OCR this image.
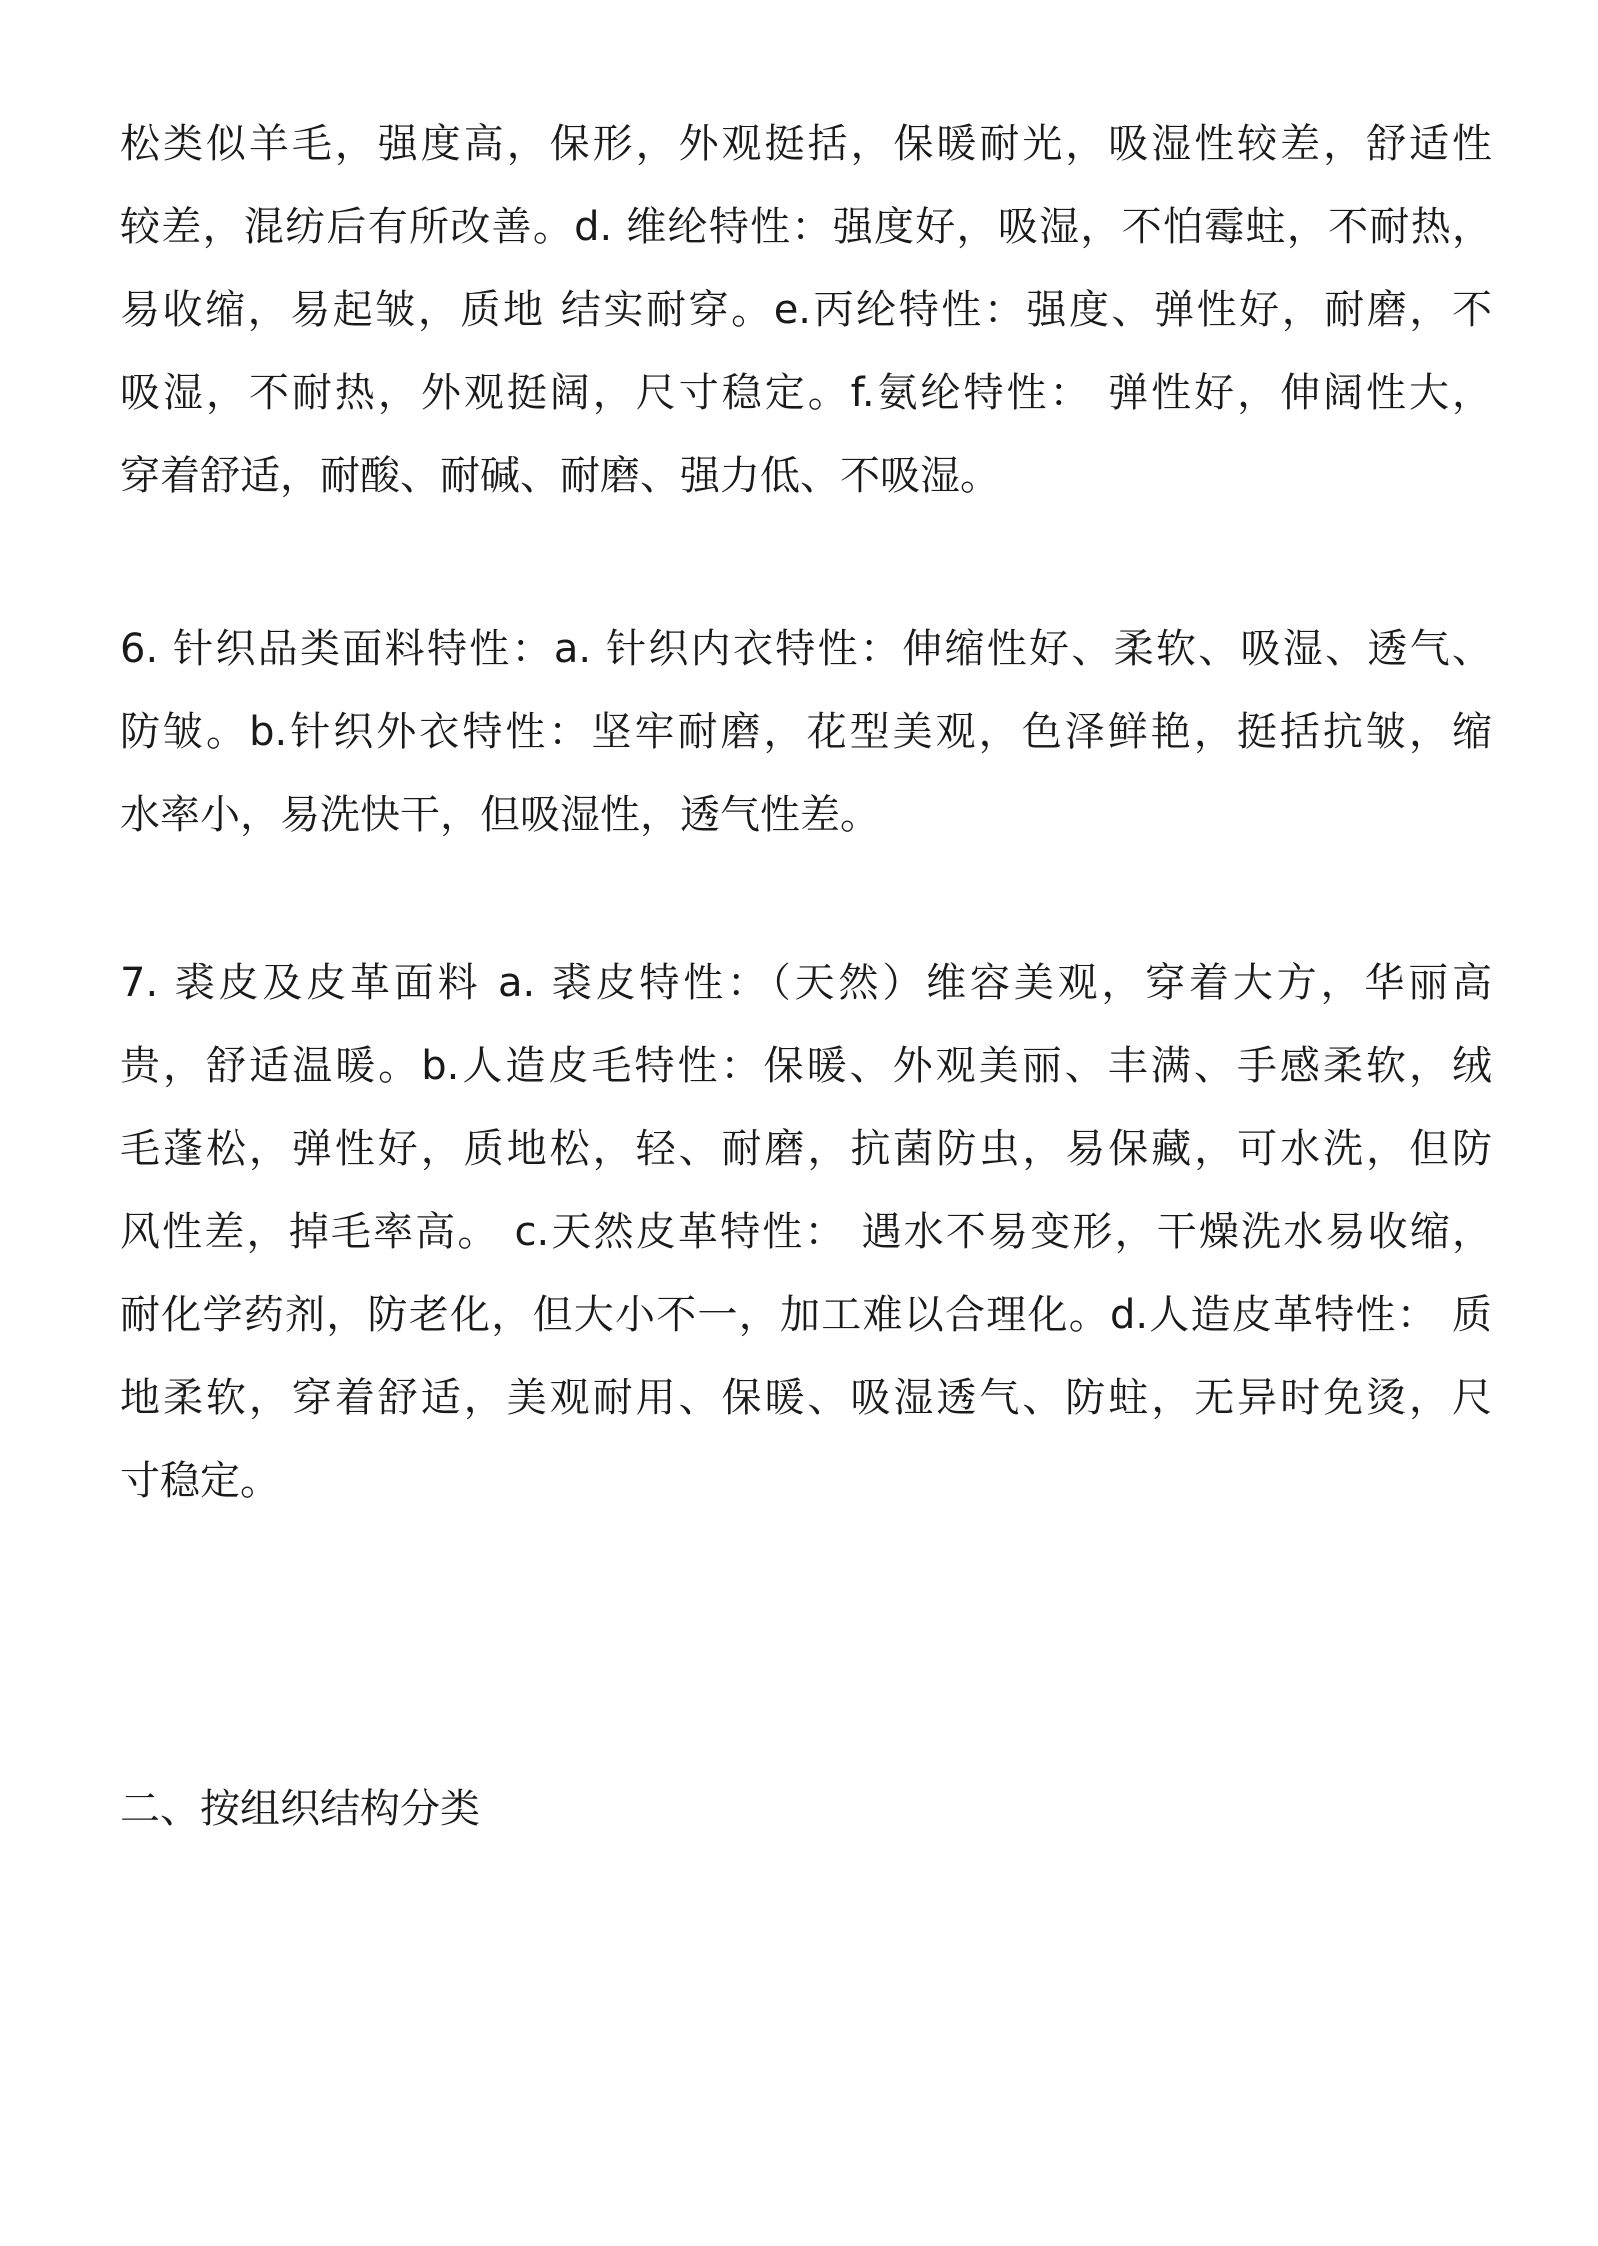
松类似羊毛，强度高，保形，外观挺括，保暖耐光，吸湿性较差，舒适性
较差，混纺后有所改善。d. 维纶特性：强度好，吸湿，不怕霉蛀，不耐热，
易收缩，易起皱，质地 结实耐穿。e.丙纶特性：强度、弹性好，耐磨，不
吸湿，不耐热，外观挺阔，尺寸稳定。f.氨纶特性： 弹性好，伸阔性大，
穿着舒适，耐酸、耐碱、耐磨、强力低、不吸湿。
6. 针织品类面料特性：a. 针织内衣特性：伸缩性好、柔软、吸湿、透气、
防皱。b.针织外衣特性：坚牢耐磨，花型美观，色泽鲜艳，挺括抗皱，缩
水率小，易洗快干，但吸湿性，透气性差。
7. 裘皮及皮革面料 a. 裘皮特性：（天然）维容美观，穿着大方，华丽高
贵，舒适温暖。b.人造皮毛特性：保暖、外观美丽、丰满、手感柔软，绒
毛蓬松，弹性好，质地松，轻、耐磨，抗菌防虫，易保藏，可水洗，但防
风性差，掉毛率高。 c.天然皮革特性： 遇水不易变形，干燥洗水易收缩，
耐化学药剂，防老化，但大小不一，加工难以合理化。d.人造皮革特性： 质
地柔软，穿着舒适，美观耐用、保暖、吸湿透气、防蛀，无异时免烫，尺
寸稳定。
二、按组织结构分类
